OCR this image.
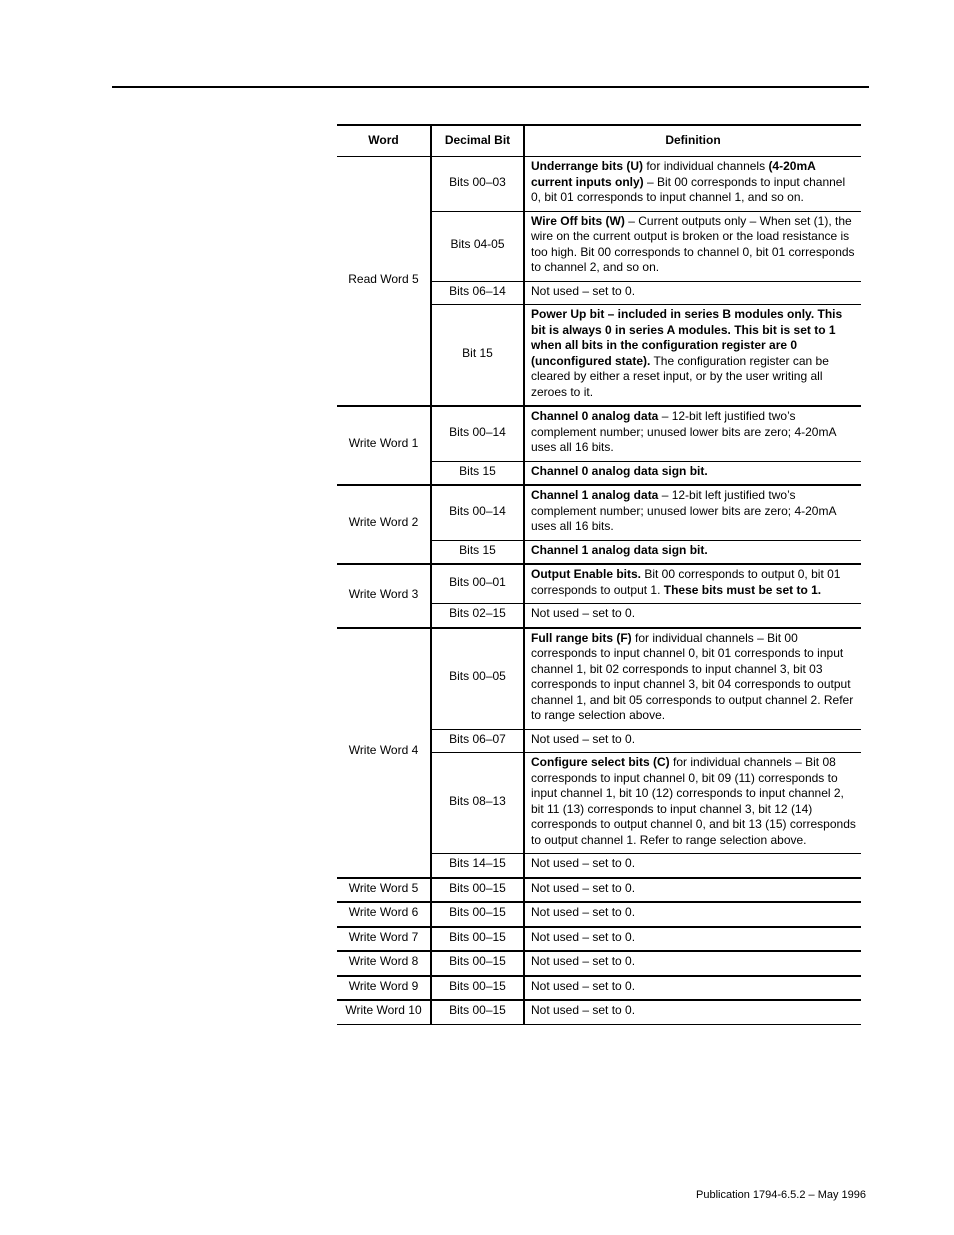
Word	Decimal Bit	Definition
Read Word 5	Bits 00–03	Underrange bits (U) for individual channels (4-20mA current inputs only) – Bit 00 corresponds to input channel 0, bit 01 corresponds to input channel 1, and so on.
	Bits 04-05	Wire Off bits (W) – Current outputs only – When set (1), the wire on the current output is broken or the load resistance is too high. Bit 00 corresponds to channel 0, bit 01 corresponds to channel 2, and so on.
	Bits 06–14	Not used – set to 0.
	Bit 15	Power Up bit – included in series B modules only. This bit is always 0 in series A modules. This bit is set to 1 when all bits in the configuration register are 0 (unconfigured state). The configuration register can be cleared by either a reset input, or by the user writing all zeroes to it.
Write Word 1	Bits 00–14	Channel 0 analog data – 12-bit left justified two’s complement number; unused lower bits are zero; 4-20mA uses all 16 bits.
	Bits 15	Channel 0 analog data sign bit.
Write Word 2	Bits 00–14	Channel 1 analog data – 12-bit left justified two’s complement number; unused lower bits are zero; 4-20mA uses all 16 bits.
	Bits 15	Channel 1 analog data sign bit.
Write Word 3	Bits 00–01	Output Enable bits. Bit 00 corresponds to output 0, bit 01 corresponds to output 1. These bits must be set to 1.
	Bits 02–15	Not used – set to 0.
Write Word 4	Bits 00–05	Full range bits (F) for individual channels – Bit 00 corresponds to input channel 0, bit 01 corresponds to input channel 1, bit 02 corresponds to input channel 3, bit 03 corresponds to input channel 3, bit 04 corresponds to output channel 1, and bit 05 corresponds to output channel 2. Refer to range selection above.
	Bits 06–07	Not used – set to 0.
	Bits 08–13	Configure select bits (C) for individual channels – Bit 08 corresponds to input channel 0, bit 09 (11) corresponds to input channel 1, bit 10 (12) corresponds to input channel 2, bit 11 (13) corresponds to input channel 3, bit 12 (14) corresponds to output channel 0, and bit 13 (15) corresponds to output channel 1. Refer to range selection above.
	Bits 14–15	Not used – set to 0.
Write Word 5	Bits 00–15	Not used – set to 0.
Write Word 6	Bits 00–15	Not used – set to 0.
Write Word 7	Bits 00–15	Not used – set to 0.
Write Word 8	Bits 00–15	Not used – set to 0.
Write Word 9	Bits 00–15	Not used – set to 0.
Write Word 10	Bits 00–15	Not used – set to 0.
Publication 1794-6.5.2 – May 1996
